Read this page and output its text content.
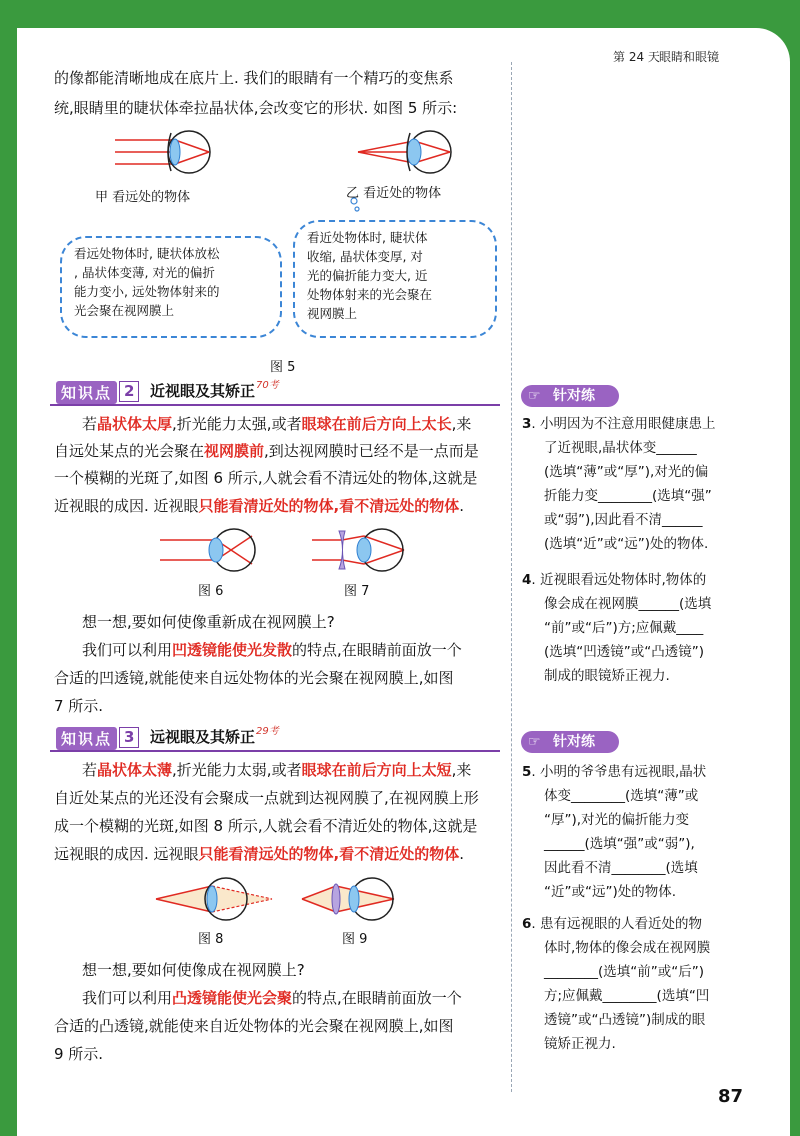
第 24 天 眼睛和眼镜
的像都能清晰地成在底片上. 我们的眼睛有一个精巧的变焦系
统,眼睛里的睫状体牵拉晶状体,会改变它的形状. 如图 5 所示:
甲 看远处的物体	乙 看近处的物体
看远处物体时, 睫状体放松
, 晶状体变薄, 对光的偏折
能力变小, 远处物体射来的
光会聚在视网膜上
看近处物体时, 睫状体
收缩, 晶状体变厚, 对
光的偏折能力变大, 近
处物体射来的光会聚在
视网膜上
图 5
知识点 2	近视眼及其矫正 70考
若晶状体太厚,折光能力太强,或者眼球在前后方向上太长,来
自远处某点的光会聚在视网膜前,到达视网膜时已经不是一点而是
一个模糊的光斑了,如图 6 所示,人就会看不清远处的物体,这就是
近视眼的成因. 近视眼只能看清近处的物体,看不清远处的物体.
图 6	图 7
想一想,要如何使像重新成在视网膜上?
我们可以利用凹透镜能使光发散的特点,在眼睛前面放一个
合适的凹透镜,就能使来自远处物体的光会聚在视网膜上,如图
7 所示.
知识点 3	远视眼及其矫正 29考
若晶状体太薄,折光能力太弱,或者眼球在前后方向上太短,来
自近处某点的光还没有会聚成一点就到达视网膜了,在视网膜上形
成一个模糊的光斑,如图 8 所示,人就会看不清近处的物体,这就是
远视眼的成因. 远视眼只能看清远处的物体,看不清近处的物体.
图 8	图 9
想一想,要如何使像成在视网膜上?
我们可以利用凸透镜能使光会聚的特点,在眼睛前面放一个
合适的凸透镜,就能使来自近处物体的光会聚在视网膜上,如图
9 所示.
☞ 针对练
3. 小明因为不注意用眼健康患上
了近视眼,晶状体变______
(选填“薄”或“厚”),对光的偏
折能力变________(选填“强”
或“弱”),因此看不清______
(选填“近”或“远”)处的物体.
4. 近视眼看远处物体时,物体的
像会成在视网膜______(选填
“前”或“后”)方;应佩戴____
(选填“凹透镜”或“凸透镜”)
制成的眼镜矫正视力.
☞ 针对练
5. 小明的爷爷患有远视眼,晶状
体变________(选填“薄”或
“厚”),对光的偏折能力变
______(选填“强”或“弱”),
因此看不清________(选填
“近”或“远”)处的物体.
6. 患有远视眼的人看近处的物
体时,物体的像会成在视网膜
________(选填“前”或“后”)
方;应佩戴________(选填“凹
透镜”或“凸透镜”)制成的眼
镜矫正视力.
87
